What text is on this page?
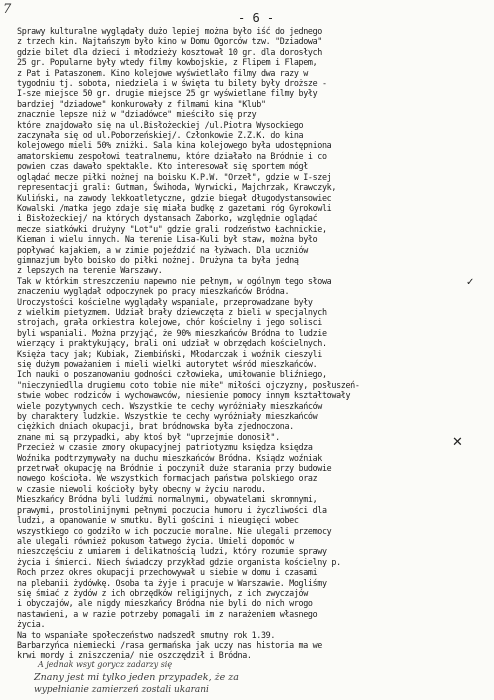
7
- 6 -
Sprawy kulturalne wyglądały dużo lepiej można było iść do jednego
z trzech kin. Najtańszym było kino w Domu Ogorców tzw. "Dziadowa"
gdzie bilet dla dzieci i młodzieży kosztował 10 gr. dla dorosłych
25 gr. Popularne były wtedy filmy kowbojskie, z Flipem i Flapem,
z Pat i Pataszonem. Kino kolejowe wyświetlało filmy dwa razy w
tygodniu tj. sobota, niedziela i w święta tu bilety były droższe -
I-sze miejsce 50 gr. drugie miejsce 25 gr wyświetlane filmy były
bardziej "dziadowe" konkurowały z filmami kina "Klub"
znacznie lepsze niż w "dziadówce" mieściło się przy
które znajdowało się na ul.Bisłożeckiej /ul.Piotra Wysockiego
zaczynała się od ul.Poborzeńskiej/. Członkowie Z.Z.K. do kina
kolejowego mieli 50% zniżki. Sala kina kolejowego była udostępniona
amatorskiemu zespołowi teatralnemu, które działało na Bródnie i co
powien czas dawało spektakle. Kto interesował się sportem mógł
oglądać mecze piłki nożnej na boisku K.P.W. "Orzeł", gdzie w I-szej
representacji grali: Gutman, Świhoda, Wyrwicki, Majchrzak, Krawczyk,
Kuliński, na zawody lekkoatletyczne, gdzie biegał długodystansowiec
Kowalski /matka jego zdaje się miała budkę z gazetami róg Gyrokowli
i Bisłożeckiej/ na których dystansach Zaborko, względnie oglądać
mecze siatkówki drużyny "Lot"u" gdzie grali rodzeństwo Łachnickie,
Kieman i wielu innych. Na terenie Lisa-Kuli był staw, można było
popływać kajakiem, a w zimie pojeździć na łyżwach. Dla uczniów
gimnazjum było boisko do piłki nożnej. Drużyna ta była jedną
z lepszych na terenie Warszawy.
Tak w którkim streszczeniu napewno nie pełnym, w ogólnym tego słowa
znaczeniu wyglądał odpoczynek po pracy mieszkańców Bródna.
Uroczystości kościelne wyglądały wspaniale, przeprowadzane były
z wielkim pietyzmem. Udział brały dziewczęta z bieli w specjalnych
strojach, grała orkiestra kolejowe, chór kościelny i jego solisci
byli wspaniali. Można przyjąć, że 90% mieszkańców Bródna to ludzie
wierzący i praktykujący, brali oni udział w obrzędach kościelnych.
Księża tacy jak; Kubiak, Ziembiński, Młodarczak i woźnik cieszyli
się dużym poważaniem i mieli wielki autorytet wśród mieszkańców.
Ich nauki o poszanowaniu godności człowieka, umiłowanie bliźniego,
"nieczyniedlla drugiemu coto tobie nie miłe" miłości ojczyzny, posłuszeń-
stwie wobec rodziców i wychowawców, niesienie pomocy innym kształtowały
wiele pozytywnych cech. Wszystkie te cechy wyróżniały mieszkańców
by charaktery ludzkie. Wszystkie te cechy wyróżniały mieszkańców
ciężkich dniach okupacji, brat bródnowska była zjednoczona.
znane mi są przypadki, aby ktoś był "uprzejmie donosił".
Przecież w czasie zmory okupacyjnej patriotyzmu księdza księdza
Woźnika podtrzymywały na duchu mieszkańców Bródna. Ksiądz woźniak
przetrwał okupację na Bródnie i poczynił duże starania przy budowie
nowego kościoła. We wszystkich formacjach państwa polskiego oraz
w czasie niewoli kościoły były obecny w życiu narodu.
Mieszkańcy Bródna byli ludźmi normalnymi, obywatelami skromnymi,
prawymi, prostolinijnymi pełnymi poczucia humoru i życzliwości dla
ludzi, a opanowanie w smutku. Byli gościni i nieugięci wobec
wszystkiego co godziło w ich poczucie moralne. Nie ulegali przemocy
ale ulegali również pokusom łatwego życia. Umieli dopomóc w
nieszczęściu z umiarem i delikatnością ludzi, który rozumie sprawy
życia i śmierci. Niech świadczy przykład gdzie organista kościelny p.
Roch przez okres okupacji przechowywał u siebie w domu i czasami
na plebanii żydówkę. Osoba ta żyje i pracuje w Warszawie. Mogliśmy
się śmiać z żydów z ich obrzędków religijnych, z ich zwyczajów
i obyczajów, ale nigdy mieszkańcy Bródna nie byli do nich wrogo
nastawieni, a w razie potrzeby pomagali im z narażeniem własnego
życia.
Na to wspaniałe społeczeństwo nadszedł smutny rok 1.39.
Barbarzyńca niemiecki /rasa germańska jak uczy nas historia ma we
krwi mordy i zniszczenia/ nie oszczędził i Bródna.
✕
✓
A jednak wsyt gorycz zadarzy się
Znany jest mi tylko jeden przypadek, że za
wypełnianie zamierzeń zostali ukarani
